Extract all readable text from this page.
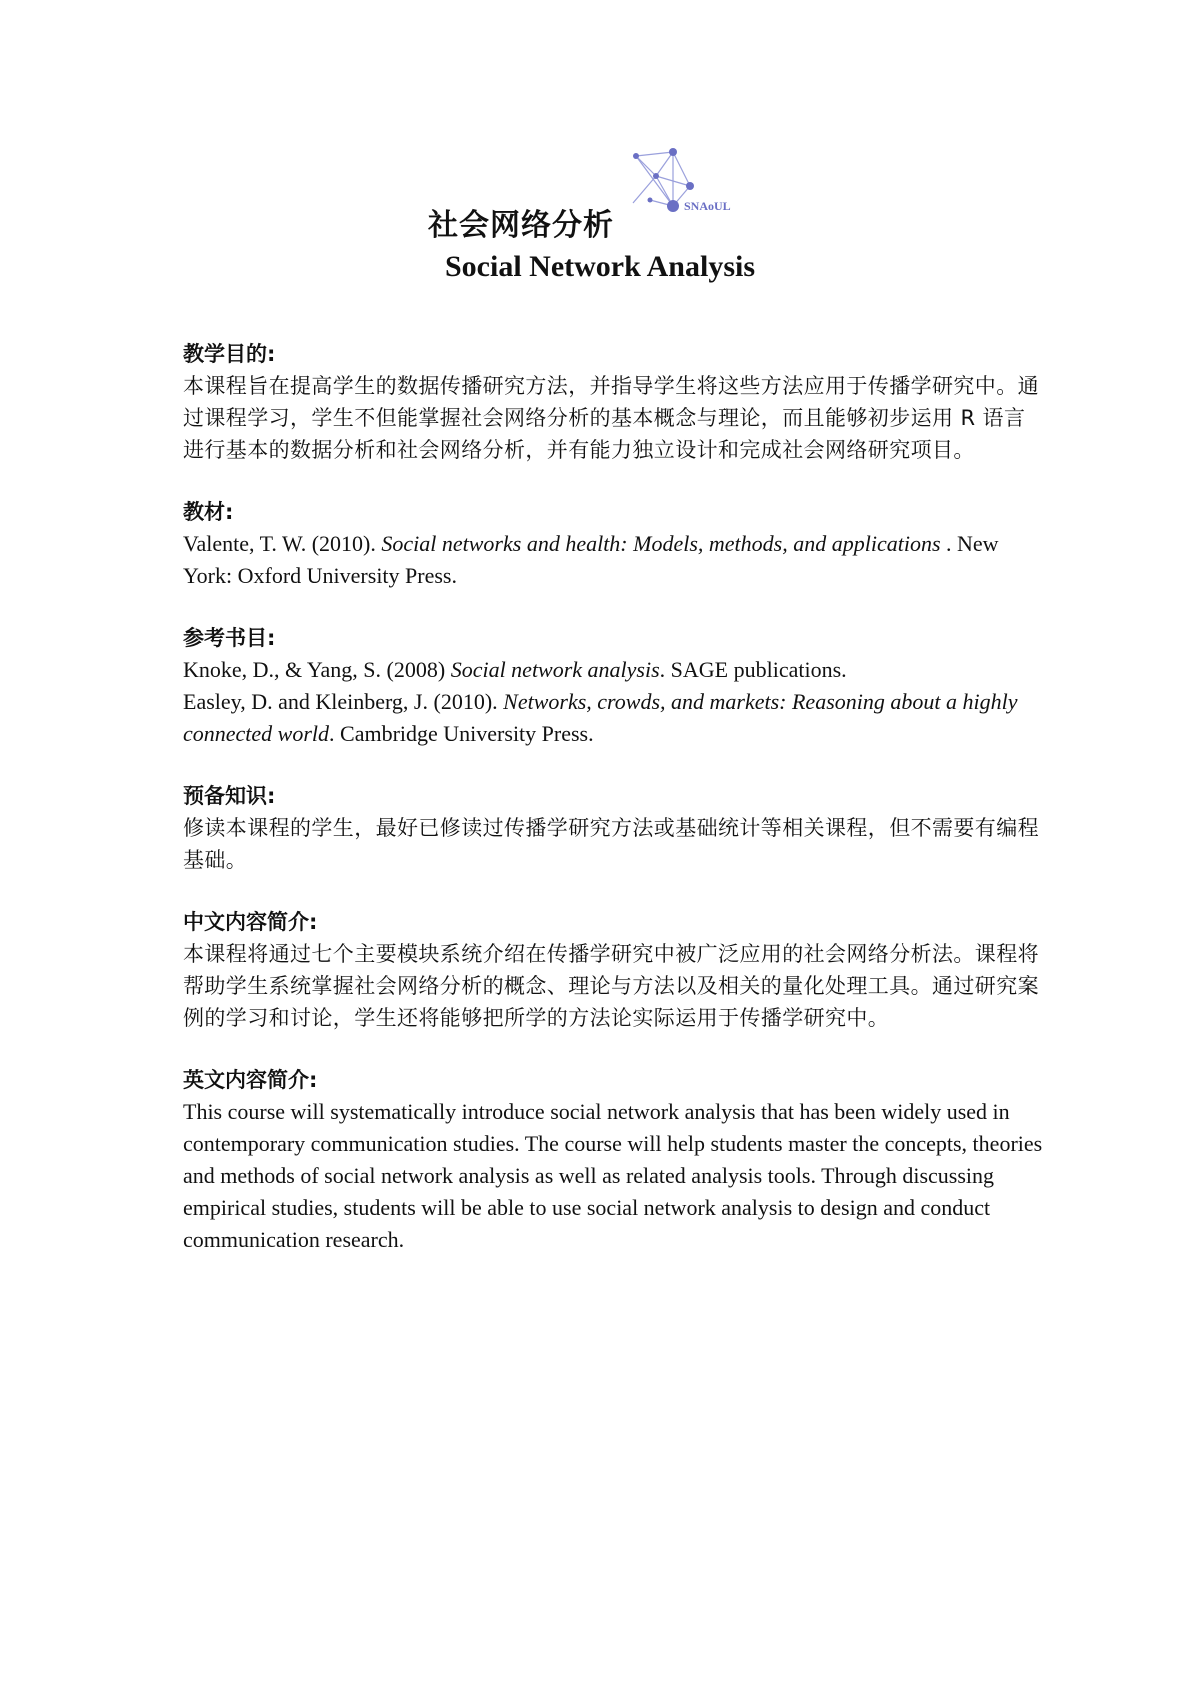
社会网络分析
SNAoUL
Social Network Analysis
教学目的:
本课程旨在提高学生的数据传播研究方法，并指导学生将这些方法应用于传播学研究中。通过课程学习，学生不但能掌握社会网络分析的基本概念与理论，而且能够初步运用 R 语言进行基本的数据分析和社会网络分析，并有能力独立设计和完成社会网络研究项目。
教材:
Valente, T. W. (2010). Social networks and health: Models, methods, and applications . New York: Oxford University Press.
参考书目:
Knoke, D., & Yang, S. (2008) Social network analysis. SAGE publications.
Easley, D. and Kleinberg, J. (2010). Networks, crowds, and markets: Reasoning about a highly connected world. Cambridge University Press.
预备知识:
修读本课程的学生，最好已修读过传播学研究方法或基础统计等相关课程，但不需要有编程基础。
中文内容简介:
本课程将通过七个主要模块系统介绍在传播学研究中被广泛应用的社会网络分析法。课程将帮助学生系统掌握社会网络分析的概念、理论与方法以及相关的量化处理工具。通过研究案例的学习和讨论，学生还将能够把所学的方法论实际运用于传播学研究中。
英文内容简介:
This course will systematically introduce social network analysis that has been widely used in contemporary communication studies. The course will help students master the concepts, theories and methods of social network analysis as well as related analysis tools. Through discussing empirical studies, students will be able to use social network analysis to design and conduct communication research.
